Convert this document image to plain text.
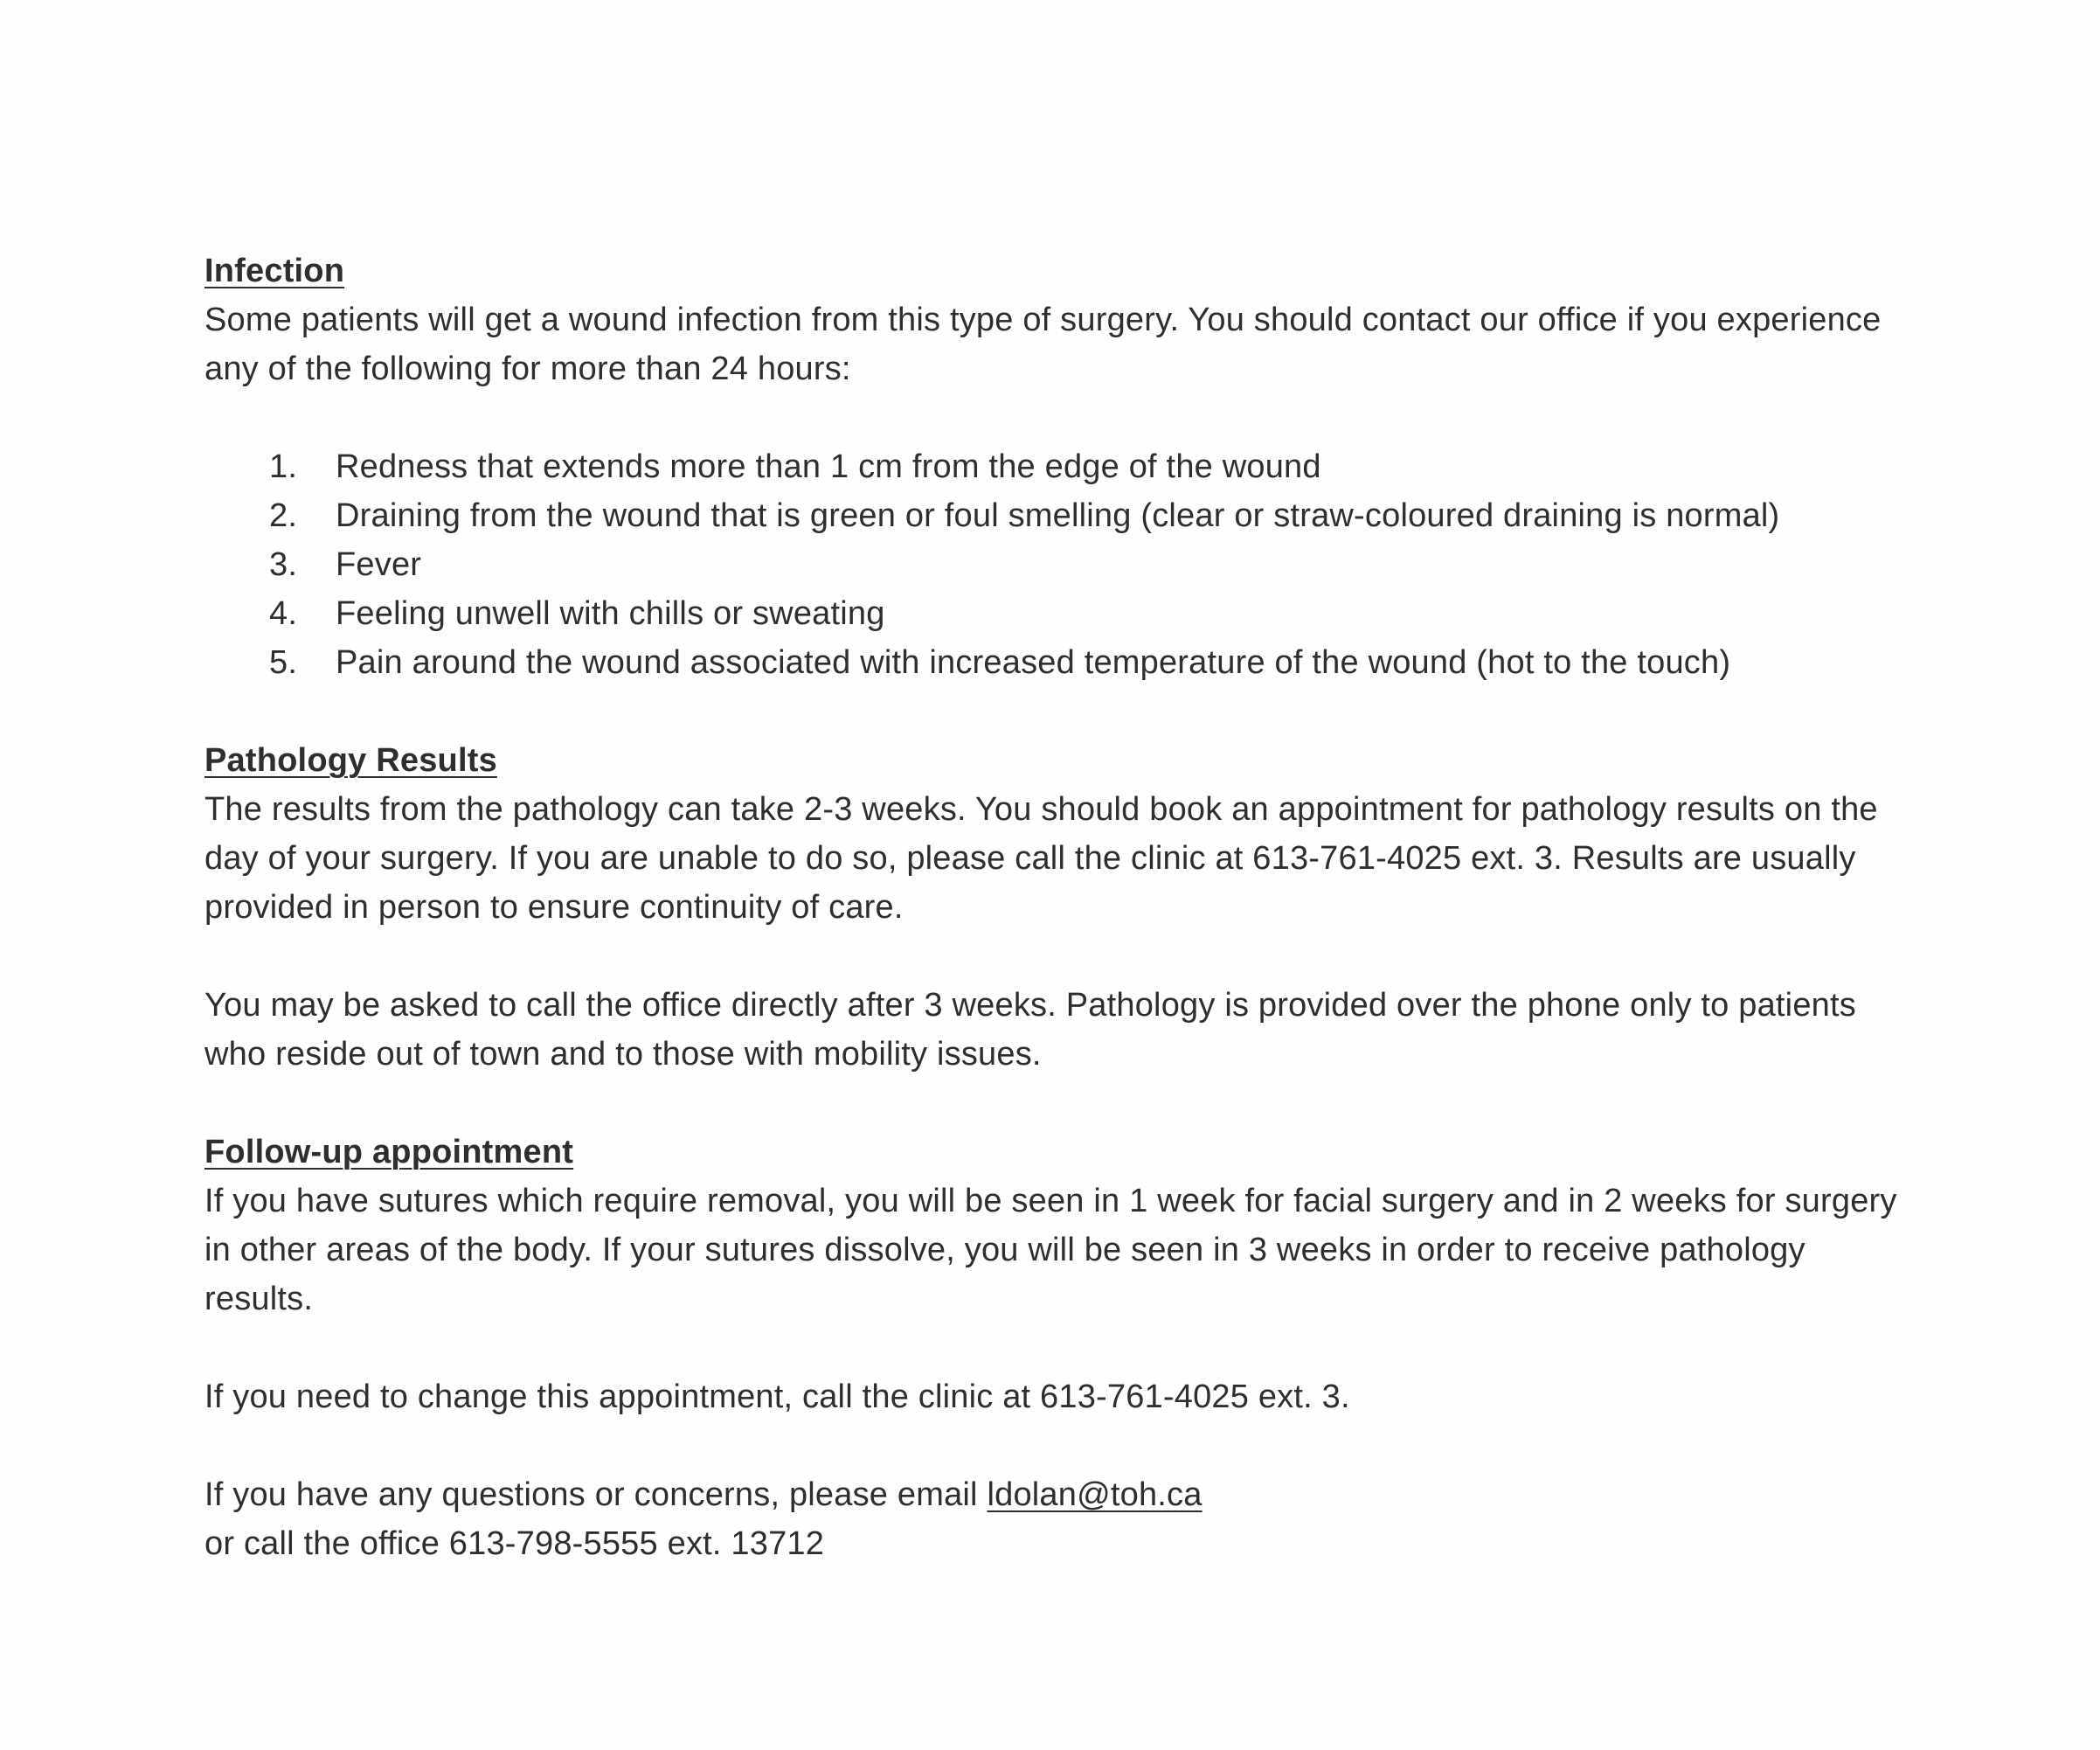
Infection

Some patients will get a wound infection from this type of surgery. You should contact our office if you experience any of the following for more than 24 hours:

1. Redness that extends more than 1 cm from the edge of the wound
2. Draining from the wound that is green or foul smelling (clear or straw-coloured draining is normal)
3. Fever
4. Feeling unwell with chills or sweating
5. Pain around the wound associated with increased temperature of the wound (hot to the touch)

Pathology Results

The results from the pathology can take 2-3 weeks. You should book an appointment for pathology results on the day of your surgery. If you are unable to do so, please call the clinic at 613-761-4025 ext. 3. Results are usually provided in person to ensure continuity of care.

You may be asked to call the office directly after 3 weeks. Pathology is provided over the phone only to patients who reside out of town and to those with mobility issues.

Follow-up appointment

If you have sutures which require removal, you will be seen in 1 week for facial surgery and in 2 weeks for surgery in other areas of the body. If your sutures dissolve, you will be seen in 3 weeks in order to receive pathology results.

If you need to change this appointment, call the clinic at 613-761-4025 ext. 3.

If you have any questions or concerns, please email ldolan@toh.ca

or call the office 613-798-5555 ext. 13712
